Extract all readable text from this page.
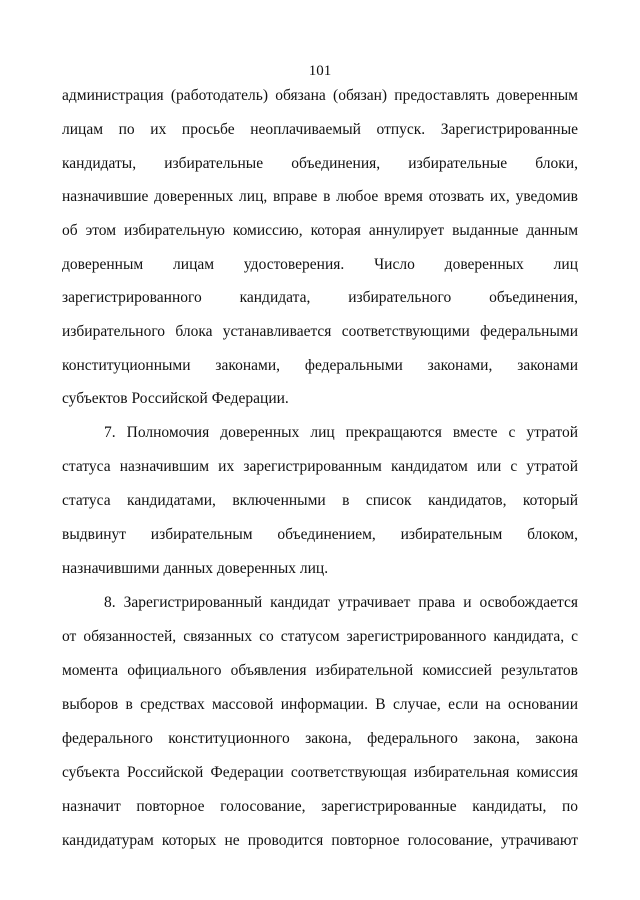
101
администрация (работодатель) обязана (обязан) предоставлять доверенным
лицам по их просьбе неоплачиваемый отпуск. Зарегистрированные
кандидаты, избирательные объединения, избирательные блоки,
назначившие доверенных лиц, вправе в любое время отозвать их, уведомив
об этом избирательную комиссию, которая аннулирует выданные данным
доверенным лицам удостоверения. Число доверенных лиц
зарегистрированного кандидата, избирательного объединения,
избирательного блока устанавливается соответствующими федеральными
конституционными законами, федеральными законами, законами
субъектов Российской Федерации.
7. Полномочия доверенных лиц прекращаются вместе с утратой
статуса назначившим их зарегистрированным кандидатом или с утратой
статуса кандидатами, включенными в список кандидатов, который
выдвинут избирательным объединением, избирательным блоком,
назначившими данных доверенных лиц.
8. Зарегистрированный кандидат утрачивает права и освобождается
от обязанностей, связанных со статусом зарегистрированного кандидата, с
момента официального объявления избирательной комиссией результатов
выборов в средствах массовой информации. В случае, если на основании
федерального конституционного закона, федерального закона, закона
субъекта Российской Федерации соответствующая избирательная комиссия
назначит повторное голосование, зарегистрированные кандидаты, по
кандидатурам которых не проводится повторное голосование, утрачивают
